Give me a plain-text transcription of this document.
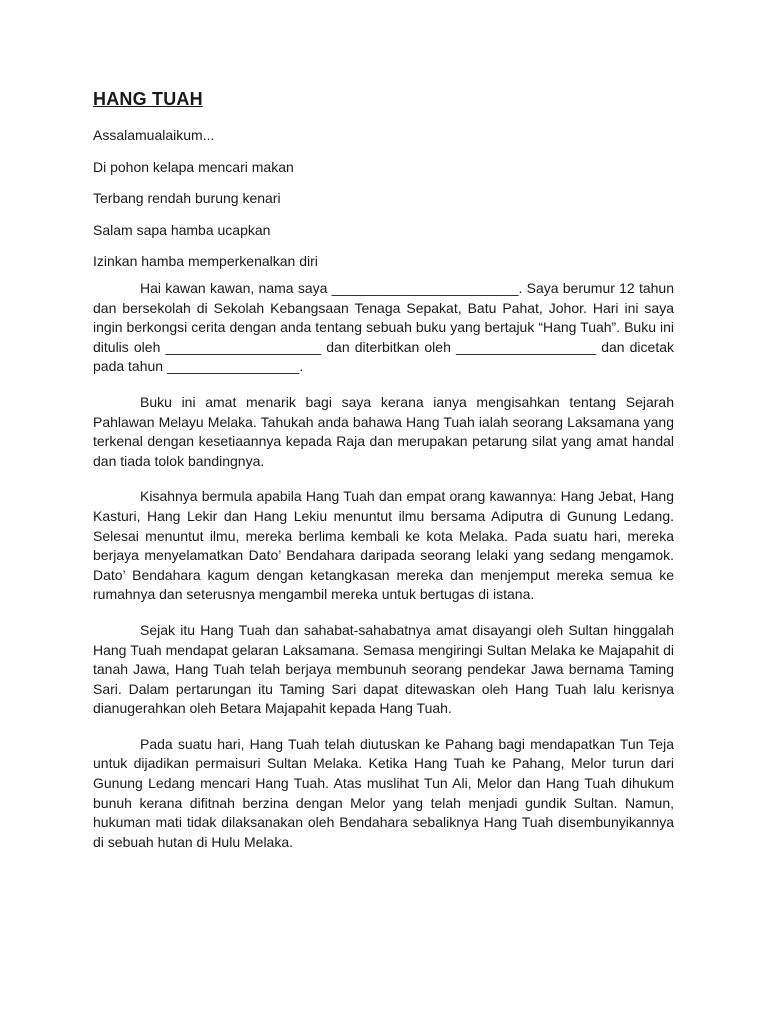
HANG TUAH
Assalamualaikum...
Di pohon kelapa mencari makan
Terbang rendah burung kenari
Salam sapa hamba ucapkan
Izinkan hamba memperkenalkan diri

Hai kawan kawan, nama saya ________________________. Saya berumur 12 tahun dan bersekolah di Sekolah Kebangsaan Tenaga Sepakat, Batu Pahat, Johor. Hari ini saya ingin berkongsi cerita dengan anda tentang sebuah buku yang bertajuk “Hang Tuah”. Buku ini ditulis oleh ____________________ dan diterbitkan oleh __________________ dan dicetak pada tahun _________________.

Buku ini amat menarik bagi saya kerana ianya mengisahkan tentang Sejarah Pahlawan Melayu Melaka. Tahukah anda bahawa Hang Tuah ialah seorang Laksamana yang terkenal dengan kesetiaannya kepada Raja dan merupakan petarung silat yang amat handal dan tiada tolok bandingnya.

Kisahnya bermula apabila Hang Tuah dan empat orang kawannya: Hang Jebat, Hang Kasturi, Hang Lekir dan Hang Lekiu menuntut ilmu bersama Adiputra di Gunung Ledang. Selesai menuntut ilmu, mereka berlima kembali ke kota Melaka. Pada suatu hari, mereka berjaya menyelamatkan Dato’ Bendahara daripada seorang lelaki yang sedang mengamok. Dato’ Bendahara kagum dengan ketangkasan mereka dan menjemput mereka semua ke rumahnya dan seterusnya mengambil mereka untuk bertugas di istana.

Sejak itu Hang Tuah dan sahabat-sahabatnya amat disayangi oleh Sultan hinggalah Hang Tuah mendapat gelaran Laksamana. Semasa mengiringi Sultan Melaka ke Majapahit di tanah Jawa, Hang Tuah telah berjaya membunuh seorang pendekar Jawa bernama Taming Sari. Dalam pertarungan itu Taming Sari dapat ditewaskan oleh Hang Tuah lalu kerisnya dianugerahkan oleh Betara Majapahit kepada Hang Tuah.

Pada suatu hari, Hang Tuah telah diutuskan ke Pahang bagi mendapatkan Tun Teja untuk dijadikan permaisuri Sultan Melaka. Ketika Hang Tuah ke Pahang, Melor turun dari Gunung Ledang mencari Hang Tuah. Atas muslihat Tun Ali, Melor dan Hang Tuah dihukum bunuh kerana difitnah berzina dengan Melor yang telah menjadi gundik Sultan. Namun, hukuman mati tidak dilaksanakan oleh Bendahara sebaliknya Hang Tuah disembunyikannya di sebuah hutan di Hulu Melaka.
